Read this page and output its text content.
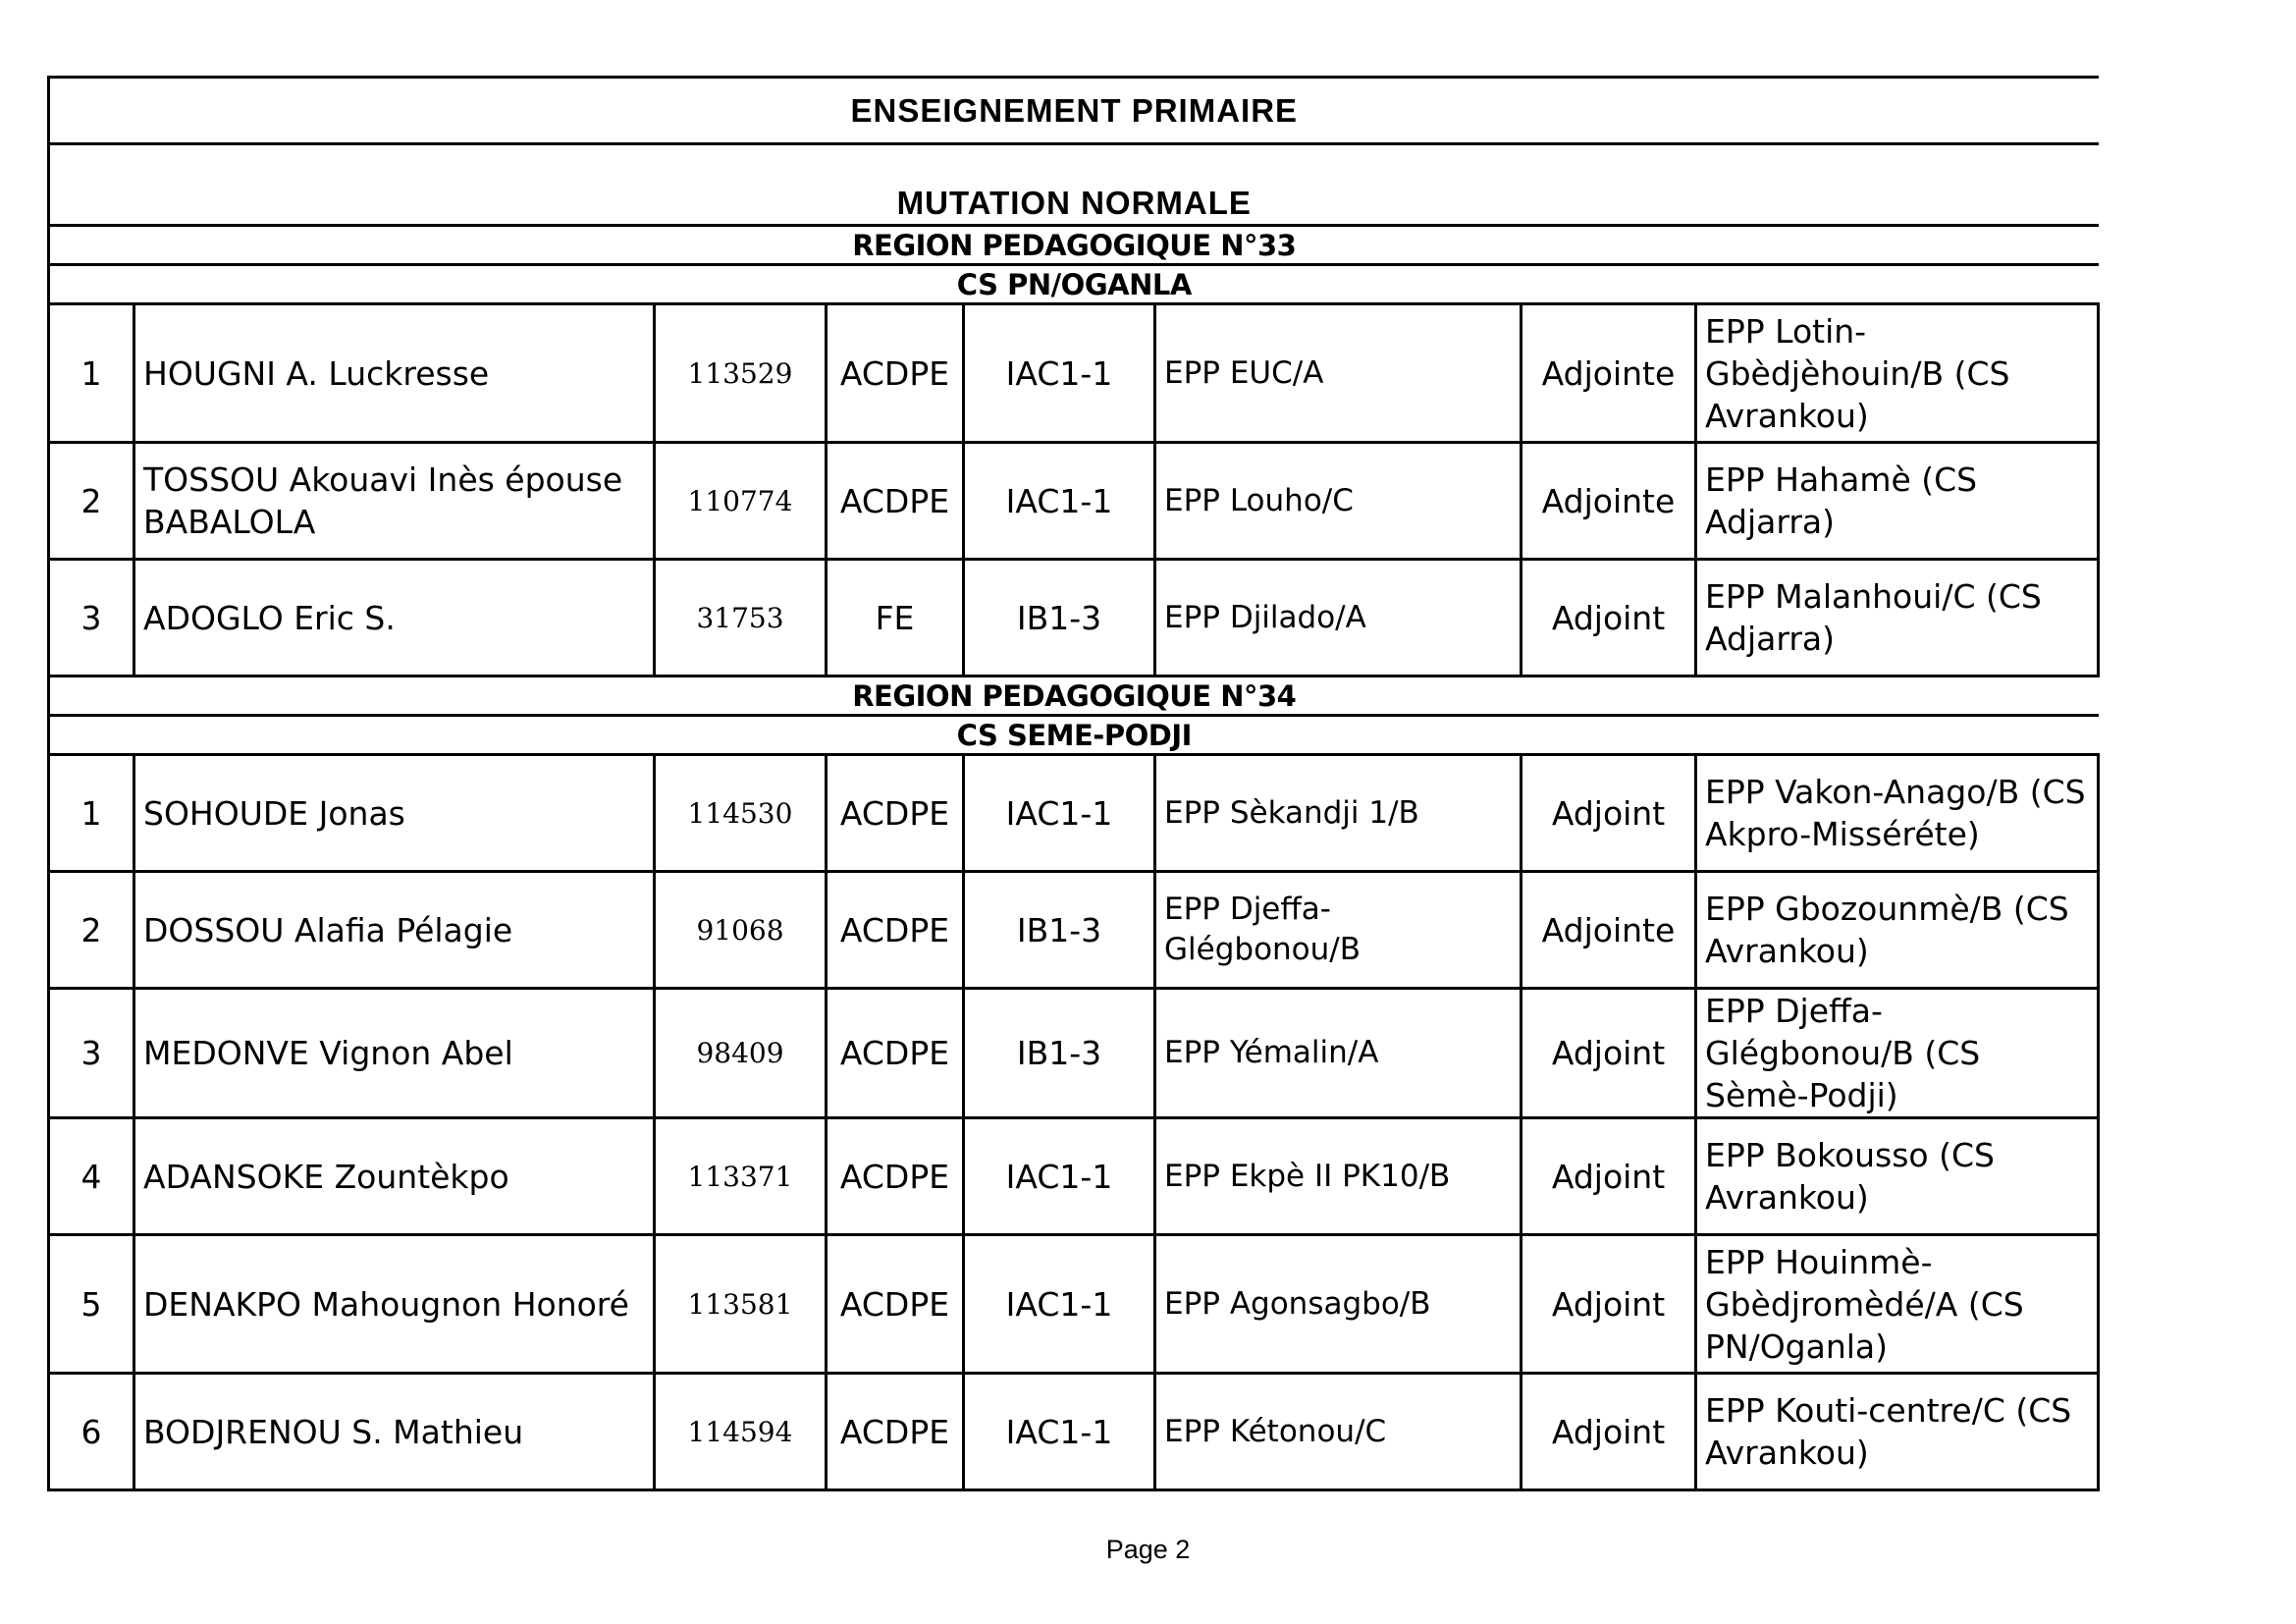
ENSEIGNEMENT PRIMAIRE							
MUTATION NORMALE							
REGION PEDAGOGIQUE N°33							
CS PN/OGANLA							
1	HOUGNI A. Luckresse	113529	ACDPE	IAC1-1	EPP EUC/A	Adjointe	EPP Lotin-Gbèdjèhouin/B (CS Avrankou)
2	TOSSOU Akouavi Inès épouse BABALOLA	110774	ACDPE	IAC1-1	EPP Louho/C	Adjointe	EPP Hahamè (CS Adjarra)
3	ADOGLO Eric S.	31753	FE	IB1-3	EPP Djilado/A	Adjoint	EPP Malanhoui/C (CS Adjarra)
REGION PEDAGOGIQUE N°34							
CS SEME-PODJI							
1	SOHOUDE Jonas	114530	ACDPE	IAC1-1	EPP Sèkandji 1/B	Adjoint	EPP Vakon-Anago/B (CS Akpro-Misséréte)
2	DOSSOU Alafia Pélagie	91068	ACDPE	IB1-3	EPP Djeffa-Glégbonou/B	Adjointe	EPP Gbozounmè/B (CS Avrankou)
3	MEDONVE Vignon Abel	98409	ACDPE	IB1-3	EPP Yémalin/A	Adjoint	EPP Djeffa-Glégbonou/B (CS Sèmè-Podji)
4	ADANSOKE Zountèkpo	113371	ACDPE	IAC1-1	EPP Ekpè II PK10/B	Adjoint	EPP Bokousso (CS Avrankou)
5	DENAKPO Mahougnon Honoré	113581	ACDPE	IAC1-1	EPP Agonsagbo/B	Adjoint	EPP Houinmè-Gbèdjromèdé/A (CS PN/Oganla)
6	BODJRENOU S. Mathieu	114594	ACDPE	IAC1-1	EPP Kétonou/C	Adjoint	EPP Kouti-centre/C (CS Avrankou)
Page 2
